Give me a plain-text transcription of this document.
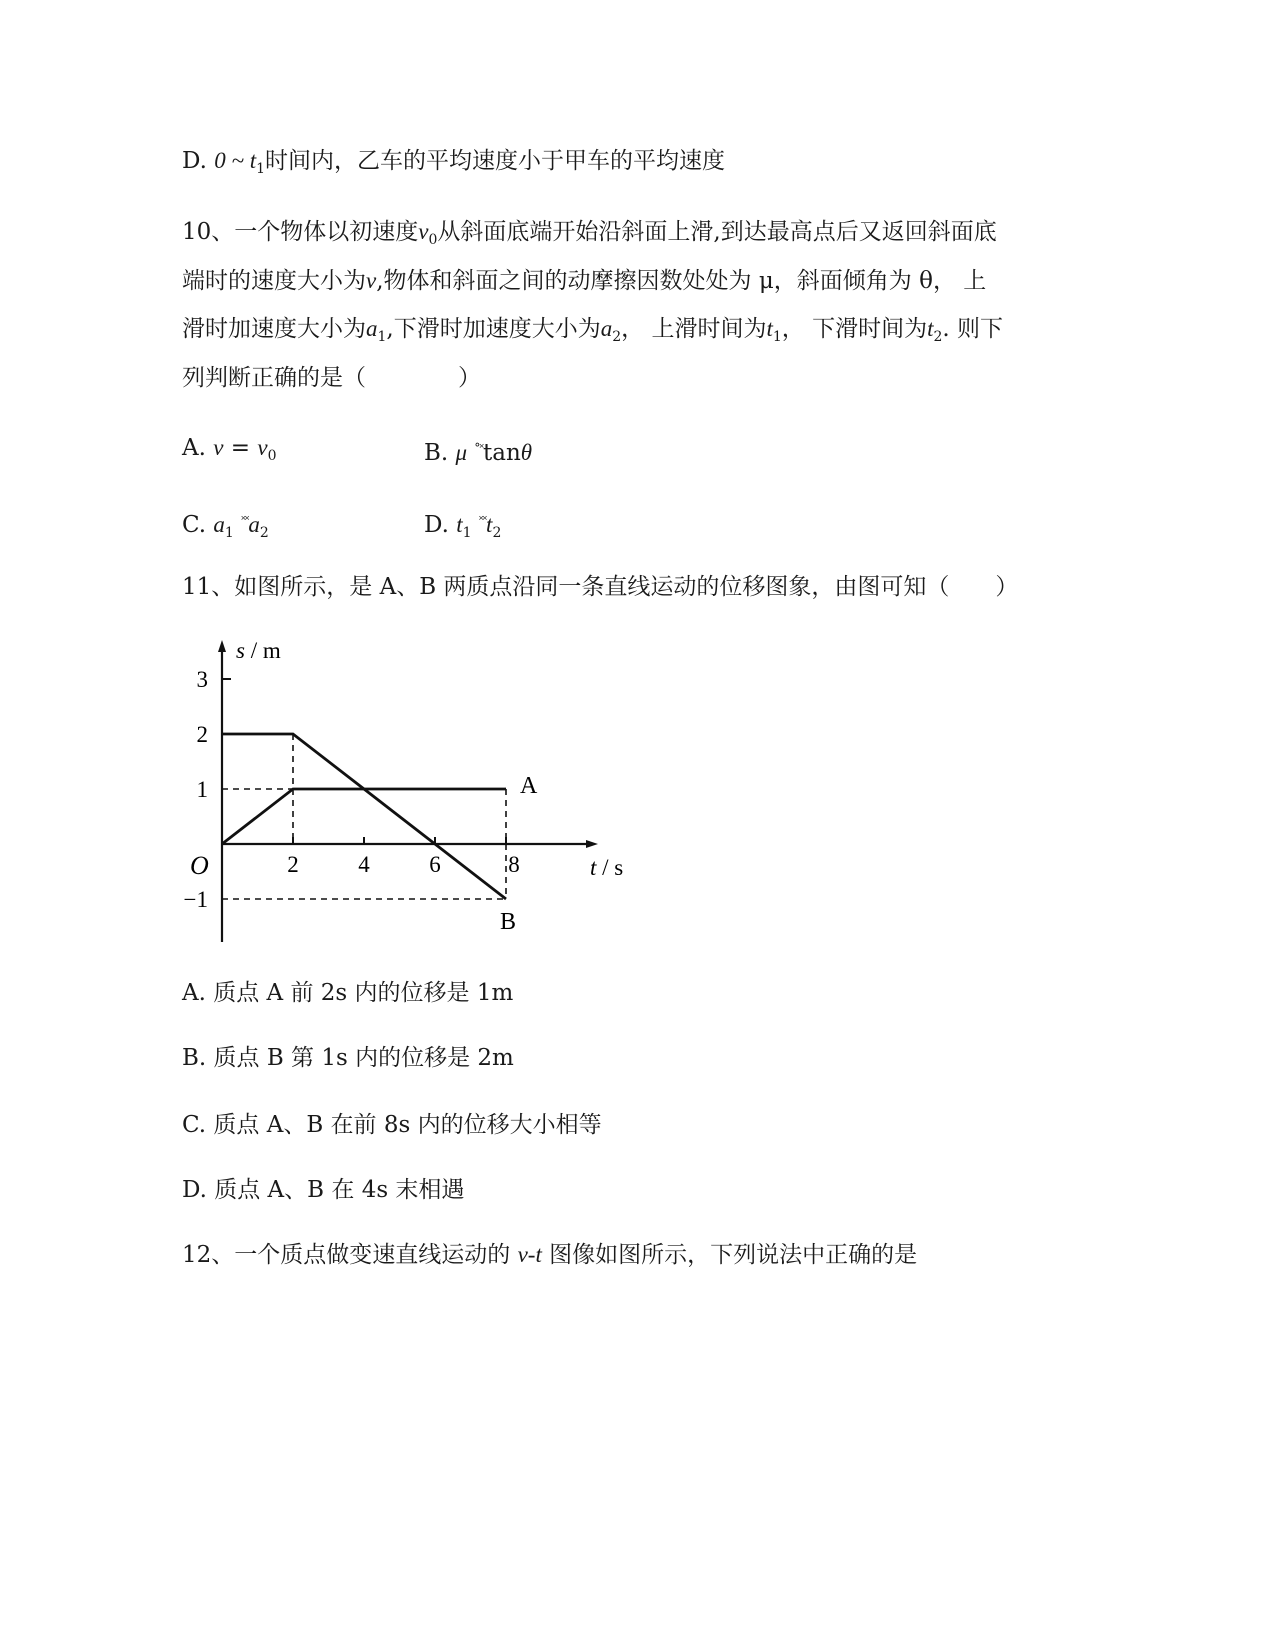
D. 0 ~ $t_1$时间内，乙车的平均速度小于甲车的平均速度
10、一个物体以初速度$v_0$从斜面底端开始沿斜面上滑,到达最高点后又返回斜面底
端时的速度大小为v,物体和斜面之间的动摩擦因数处处为 μ，斜面倾角为 θ， 上
滑时加速度大小为$a_1$,下滑时加速度大小为$a_2$， 上滑时间为$t_1$， 下滑时间为$t_2$. 则下
列判断正确的是（　　　　）
A. $v = v_0$	B. μ °˟tanθ
C. $a_1$ $^{˟˟}a_2$	D. $t_1$ $^{˟˟}t_2$
11、如图所示，是 A、B 两质点沿同一条直线运动的位移图象，由图可知（　　）
s / m
t / s
O
3
2
1
−1
2	4	6	8
A
B
A. 质点 A 前 2s 内的位移是 1m
B. 质点 B 第 1s 内的位移是 2m
C. 质点 A、B 在前 8s 内的位移大小相等
D. 质点 A、B 在 4s 末相遇
12、一个质点做变速直线运动的 v-t 图像如图所示，下列说法中正确的是
